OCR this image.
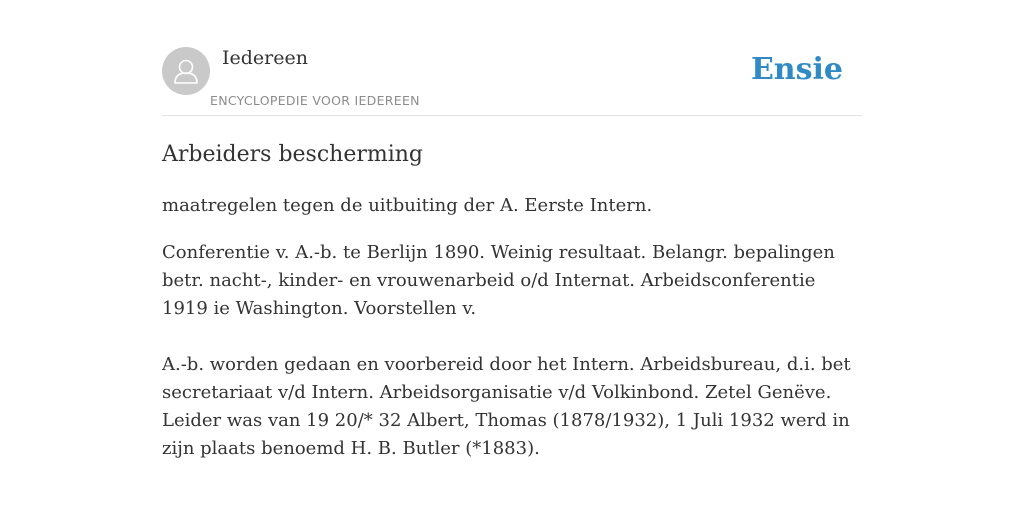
Iedereen
ENCYCLOPEDIE VOOR IEDEREEN
Ensie
Arbeiders bescherming

maatregelen tegen de uitbuiting der A. Eerste Intern.

Conferentie v. A.-b. te Berlijn 1890. Weinig resultaat. Belangr. bepalingen betr. nacht-, kinder- en vrouwenarbeid o/d Internat. Arbeidsconferentie 1919 ie Washington. Voorstellen v.

A.-b. worden gedaan en voorbereid door het Intern. Arbeidsbureau, d.i. bet secretariaat v/d Intern. Arbeidsorganisatie v/d Volkinbond. Zetel Genëve. Leider was van 19 20/* 32 Albert, Thomas (1878/1932), 1 Juli 1932 werd in zijn plaats benoemd H. B. Butler (*1883).
